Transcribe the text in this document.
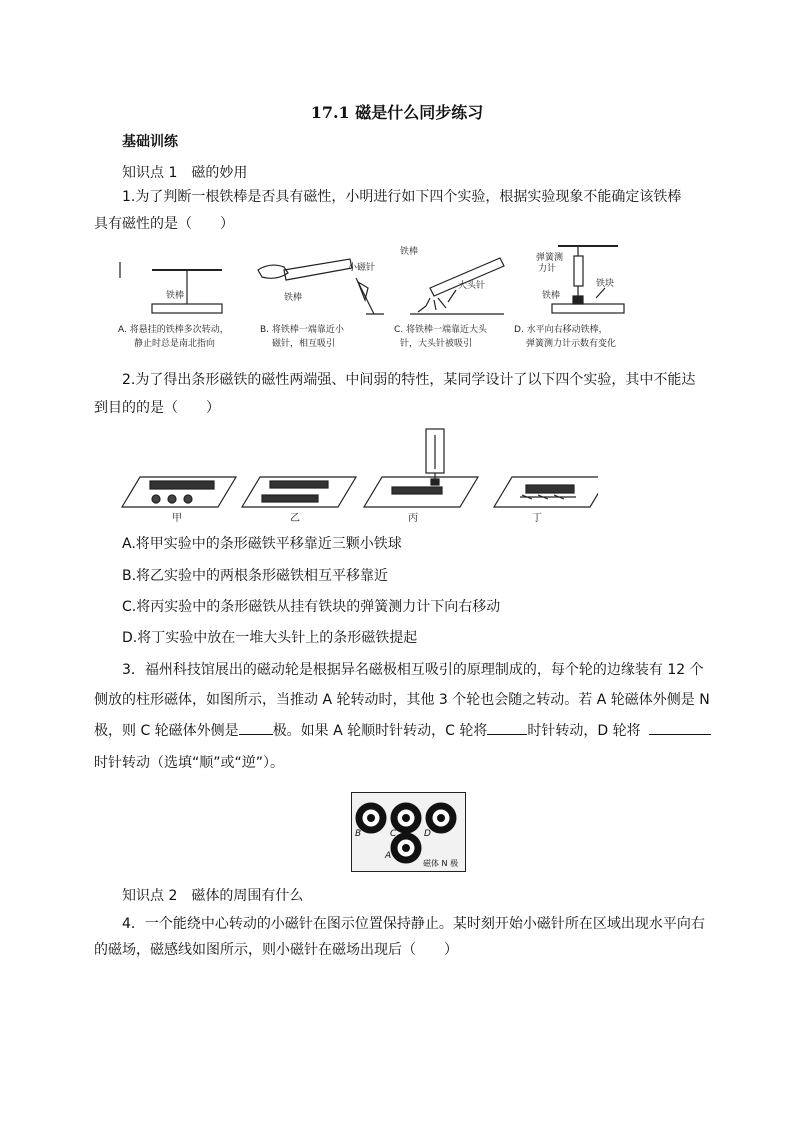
17.1 磁是什么同步练习
基础训练
知识点 1　磁的妙用
1.为了判断一根铁棒是否具有磁性，小明进行如下四个实验，根据实验现象不能确定该铁棒
具有磁性的是（　　）
铁棒	铁棒
小磁针
铁棒
大头针
弹簧测
力计
铁块
铁棒
A. 将悬挂的铁棒多次转动，
静止时总是南北指向
B. 将铁棒一端靠近小
磁针，相互吸引
C. 将铁棒一端靠近大头
针，大头针被吸引
D. 水平向右移动铁棒，
弹簧测力计示数有变化
2.为了得出条形磁铁的磁性两端强、中间弱的特性，某同学设计了以下四个实验，其中不能达
到目的的是（　　）
甲	乙	丙	丁
A.将甲实验中的条形磁铁平移靠近三颗小铁球
B.将乙实验中的两根条形磁铁相互平移靠近
C.将丙实验中的条形磁铁从挂有铁块的弹簧测力计下向右移动
D.将丁实验中放在一堆大头针上的条形磁铁提起
3．福州科技馆展出的磁动轮是根据异名磁极相互吸引的原理制成的，每个轮的边缘装有 12 个
侧放的柱形磁体，如图所示，当推动 A 轮转动时，其他 3 个轮也会随之转动。若 A 轮磁体外侧是 N
极，则 C 轮磁体外侧是 极。如果 A 轮顺时针转动，C 轮将	时针转动，D 轮将
时针转动（选填“顺”或“逆”）。
B	C	D
A
磁体 N 极
知识点 2　磁体的周围有什么
4．一个能绕中心转动的小磁针在图示位置保持静止。某时刻开始小磁针所在区域出现水平向右
的磁场，磁感线如图所示，则小磁针在磁场出现后（　　）
